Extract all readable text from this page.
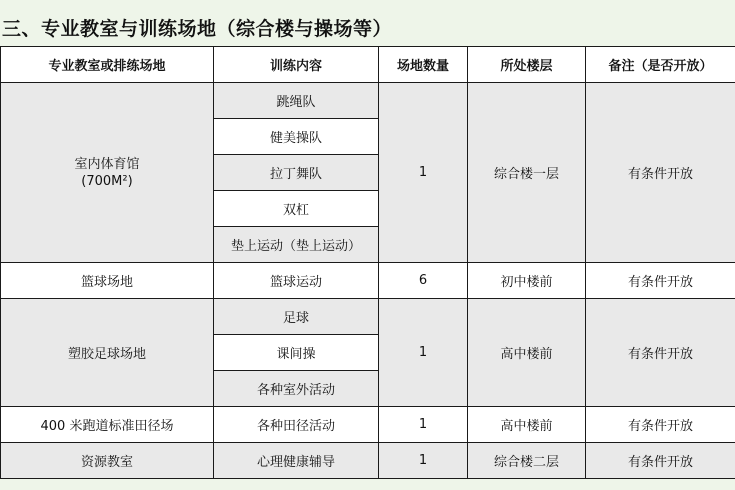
三、专业教室与训练场地（综合楼与操场等）
专业教室或排练场地	训练内容	场地数量	所处楼层	备注（是否开放）

室内体育馆
(700M²)	跳绳队	1	综合楼一层	有条件开放
	健美操队			
	拉丁舞队			
	双杠			
	垫上运动（垫上运动）			
篮球场地	篮球运动	6	初中楼前	有条件开放
塑胶足球场地	足球	1	高中楼前	有条件开放
	课间操			
	各种室外活动			
400 米跑道标准田径场	各种田径活动	1	高中楼前	有条件开放
资源教室	心理健康辅导	1	综合楼二层	有条件开放
